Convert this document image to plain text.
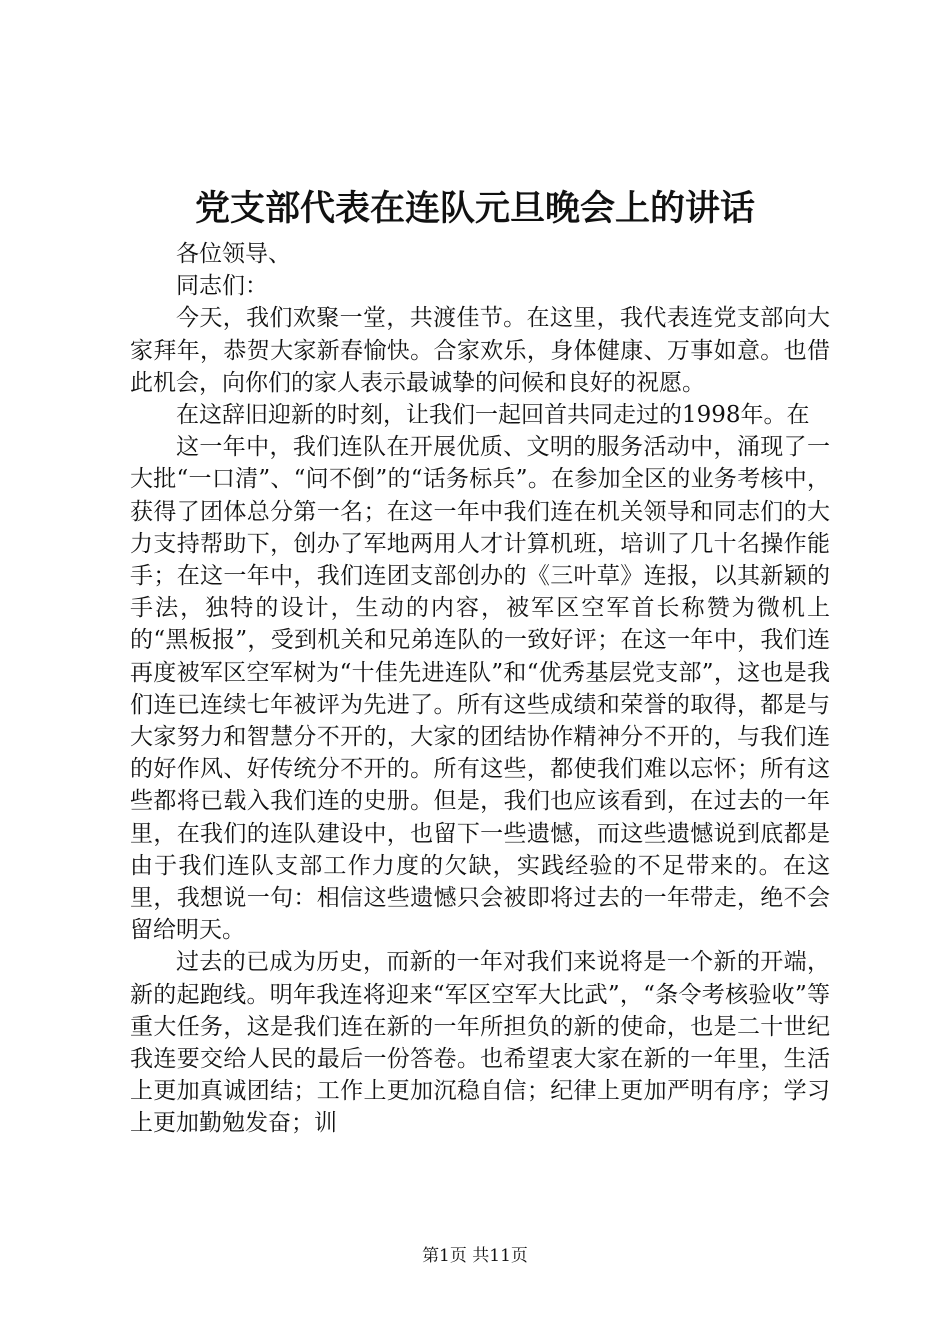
党支部代表在连队元旦晚会上的讲话

各位领导、

同志们：

今天，我们欢聚一堂，共渡佳节。在这里，我代表连党支部向大家拜年，恭贺大家新春愉快。合家欢乐，身体健康、万事如意。也借此机会，向你们的家人表示最诚挚的问候和良好的祝愿。

在这辞旧迎新的时刻，让我们一起回首共同走过的1998年。在

这一年中，我们连队在开展优质、文明的服务活动中，涌现了一大批“一口清”、“问不倒”的“话务标兵”。在参加全区的业务考核中，获得了团体总分第一名；在这一年中我们连在机关领导和同志们的大力支持帮助下，创办了军地两用人才计算机班，培训了几十名操作能手；在这一年中，我们连团支部创办的《三叶草》连报，以其新颖的手法，独特的设计，生动的内容，被军区空军首长称赞为微机上的“黑板报”，受到机关和兄弟连队的一致好评；在这一年中，我们连再度被军区空军树为“十佳先进连队”和“优秀基层党支部”，这也是我们连已连续七年被评为先进了。所有这些成绩和荣誉的取得，都是与大家努力和智慧分不开的，大家的团结协作精神分不开的，与我们连的好作风、好传统分不开的。所有这些，都使我们难以忘怀；所有这些都将已载入我们连的史册。但是，我们也应该看到，在过去的一年里，在我们的连队建设中，也留下一些遗憾，而这些遗憾说到底都是由于我们连队支部工作力度的欠缺，实践经验的不足带来的。在这里，我想说一句：相信这些遗憾只会被即将过去的一年带走，绝不会留给明天。

过去的已成为历史，而新的一年对我们来说将是一个新的开端，新的起跑线。明年我连将迎来“军区空军大比武”，“条令考核验收”等重大任务，这是我们连在新的一年所担负的新的使命，也是二十世纪我连要交给人民的最后一份答卷。也希望衷大家在新的一年里，生活上更加真诚团结；工作上更加沉稳自信；纪律上更加严明有序；学习上更加勤勉发奋；训

第1页 共11页
